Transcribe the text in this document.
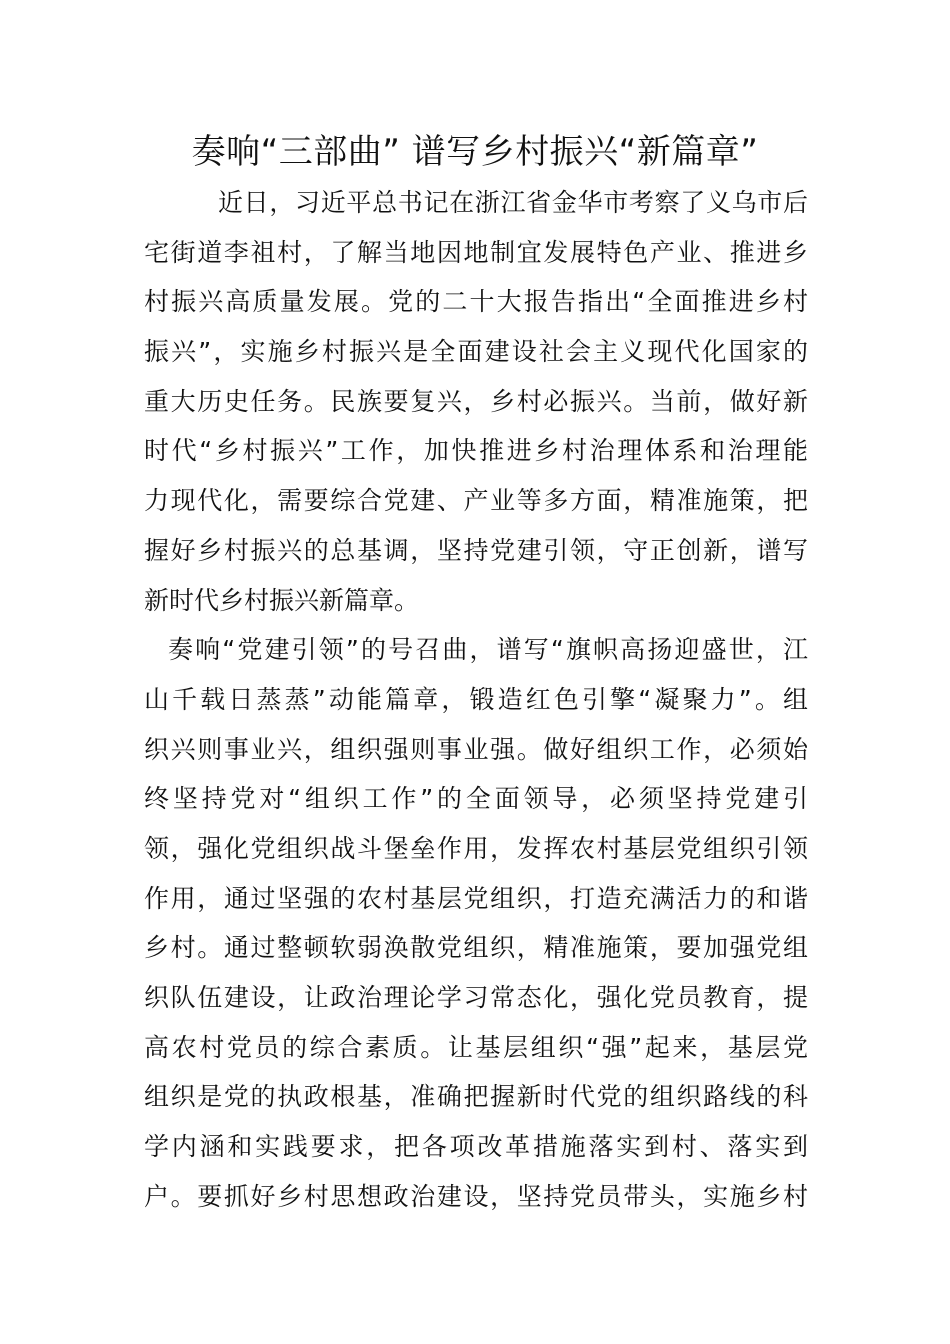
奏响“三部曲” 谱写乡村振兴“新篇章”
近日，习近平总书记在浙江省金华市考察了义乌市后
宅街道李祖村，了解当地因地制宜发展特色产业、推进乡
村振兴高质量发展。党的二十大报告指出“全面推进乡村
振兴”，实施乡村振兴是全面建设社会主义现代化国家的
重大历史任务。民族要复兴，乡村必振兴。当前，做好新
时代“乡村振兴”工作，加快推进乡村治理体系和治理能
力现代化，需要综合党建、产业等多方面，精准施策，把
握好乡村振兴的总基调，坚持党建引领，守正创新，谱写
新时代乡村振兴新篇章。
奏响“党建引领”的号召曲，谱写“旗帜高扬迎盛世，江
山千载日蒸蒸”动能篇章，锻造红色引擎“凝聚力”。组
织兴则事业兴，组织强则事业强。做好组织工作，必须始
终坚持党对“组织工作”的全面领导，必须坚持党建引
领，强化党组织战斗堡垒作用，发挥农村基层党组织引领
作用，通过坚强的农村基层党组织，打造充满活力的和谐
乡村。通过整顿软弱涣散党组织，精准施策，要加强党组
织队伍建设，让政治理论学习常态化，强化党员教育，提
高农村党员的综合素质。让基层组织“强”起来，基层党
组织是党的执政根基，准确把握新时代党的组织路线的科
学内涵和实践要求，把各项改革措施落实到村、落实到
户。要抓好乡村思想政治建设，坚持党员带头，实施乡村
